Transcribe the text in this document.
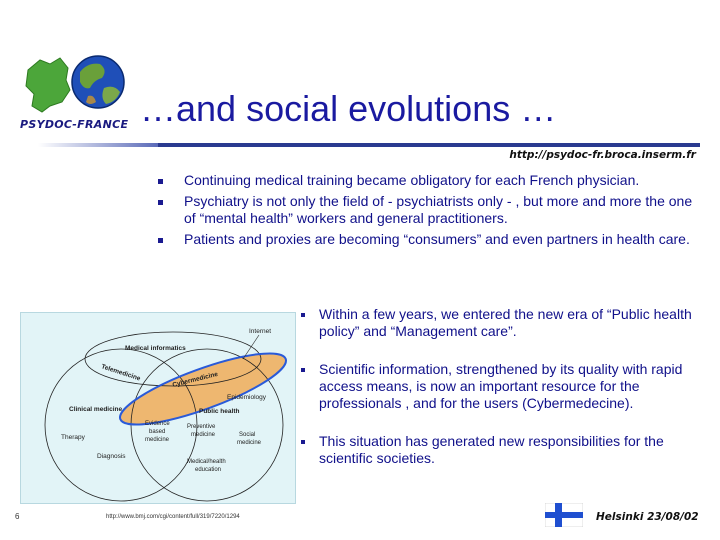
PSYDOC-FRANCE …and social evolutions …
http://psydoc-fr.broca.inserm.fr
Continuing medical training became obligatory for each French physician.
Psychiatry is not only the field of - psychiatrists only - , but more and more the one of “mental health” workers and general practitioners.
Patients and proxies are becoming “consumers” and even partners in health care.
Internet
Medical informatics
Telemedicine	Cybermedicine
Epidemiology
Clinical medicine	Public health
Therapy
Evidence
based
medicine
Preventive
medicine	Social
medicine
Diagnosis
Medical/health
education
Within a few years, we entered the new era of “Public health policy” and “Management care”.
Scientific information, strengthened by its quality with rapid access means, is now an important resource for the professionals , and for the users (Cybermedecine).
This situation has generated new responsibilities for the scientific societies.
6	http://www.bmj.com/cgi/content/full/319/7220/1294	Helsinki 23/08/02
